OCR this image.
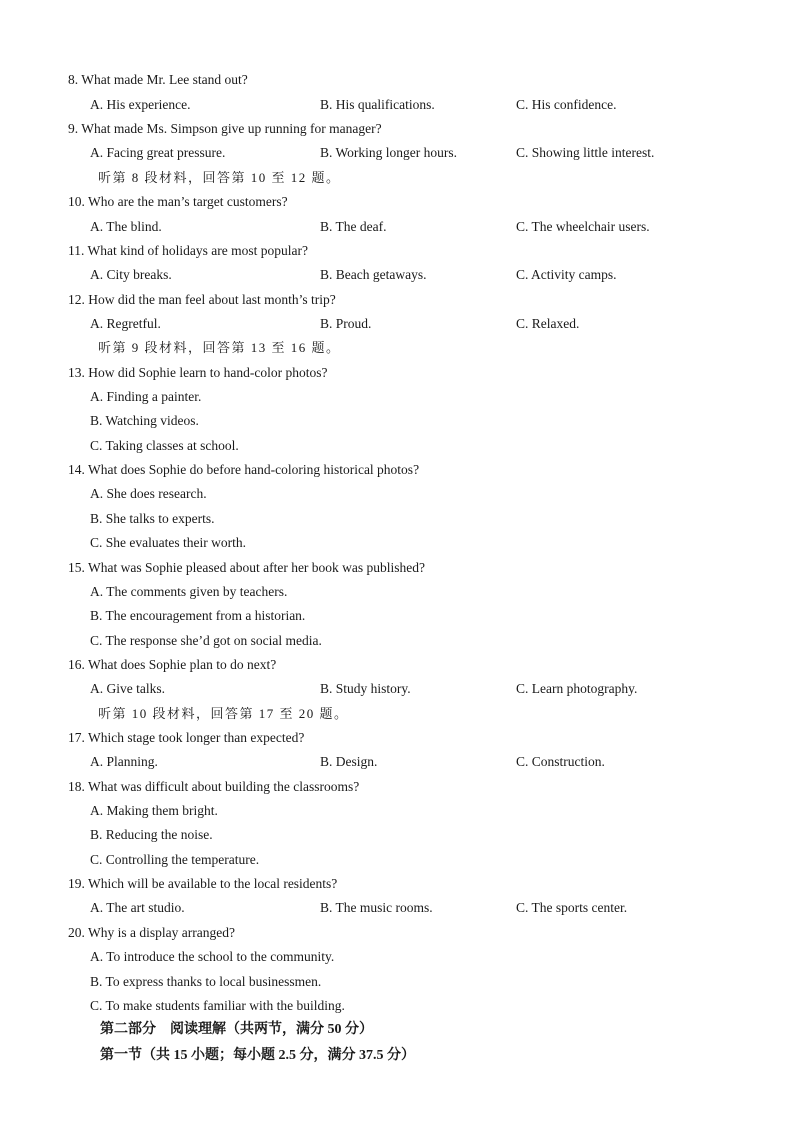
8. What made Mr. Lee stand out?
A. His experience.	B. His qualifications.	C. His confidence.
9. What made Ms. Simpson give up running for manager?
A. Facing great pressure.	B. Working longer hours.	C. Showing little interest.
听第 8 段材料，回答第 10 至 12 题。
10. Who are the man’s target customers?
A. The blind.	B. The deaf.	C. The wheelchair users.
11. What kind of holidays are most popular?
A. City breaks.	B. Beach getaways.	C. Activity camps.
12. How did the man feel about last month’s trip?
A. Regretful.	B. Proud.	C. Relaxed.
听第 9 段材料，回答第 13 至 16 题。
13. How did Sophie learn to hand-color photos?
A. Finding a painter.
B. Watching videos.
C. Taking classes at school.
14. What does Sophie do before hand-coloring historical photos?
A. She does research.
B. She talks to experts.
C. She evaluates their worth.
15. What was Sophie pleased about after her book was published?
A. The comments given by teachers.
B. The encouragement from a historian.
C. The response she’d got on social media.
16. What does Sophie plan to do next?
A. Give talks.	B. Study history.	C. Learn photography.
听第 10 段材料，回答第 17 至 20 题。
17. Which stage took longer than expected?
A. Planning.	B. Design.	C. Construction.
18. What was difficult about building the classrooms?
A. Making them bright.
B. Reducing the noise.
C. Controlling the temperature.
19. Which will be available to the local residents?
A. The art studio.	B. The music rooms.	C. The sports center.
20. Why is a display arranged?
A. To introduce the school to the community.
B. To express thanks to local businessmen.
C. To make students familiar with the building.
第二部分　阅读理解（共两节，满分 50 分）
第一节（共 15 小题；每小题 2.5 分，满分 37.5 分）
